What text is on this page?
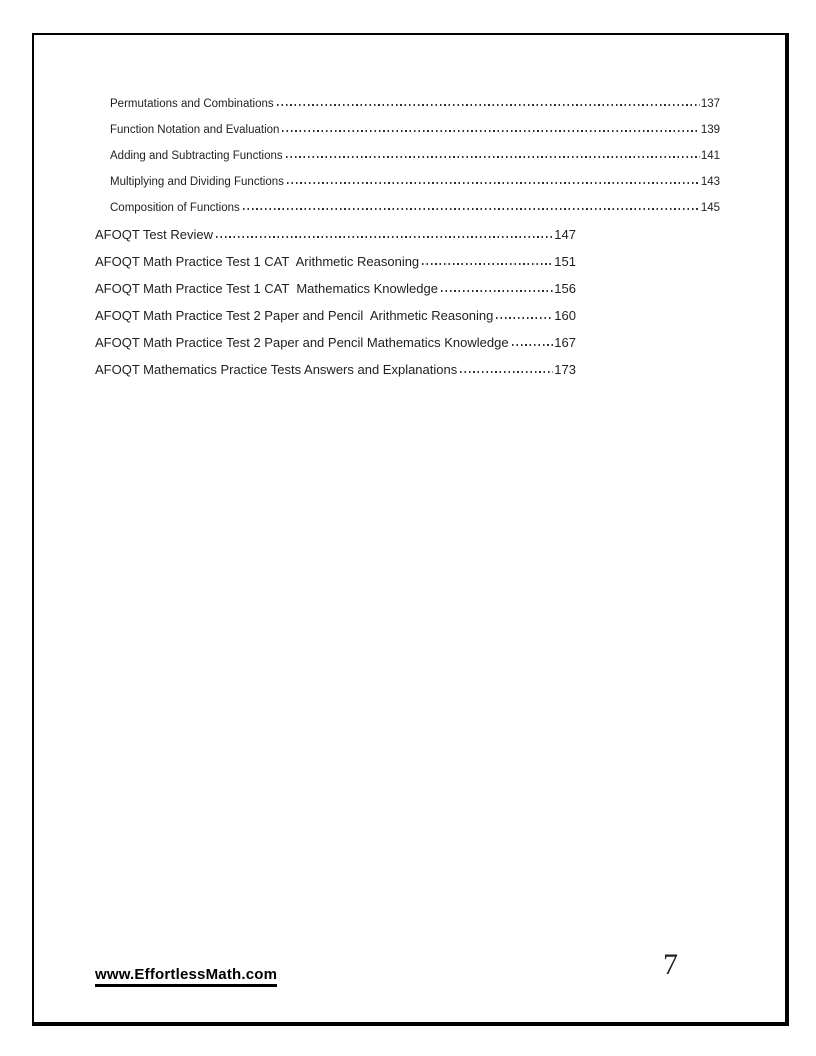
Permutations and Combinations	137
Function Notation and Evaluation	139
Adding and Subtracting Functions	141
Multiplying and Dividing Functions	143
Composition of Functions	145
AFOQT Test Review	147
AFOQT Math Practice Test 1 CAT  Arithmetic Reasoning	151
AFOQT Math Practice Test 1 CAT  Mathematics Knowledge	156
AFOQT Math Practice Test 2 Paper and Pencil  Arithmetic Reasoning	160
AFOQT Math Practice Test 2 Paper and Pencil Mathematics Knowledge	167
AFOQT Mathematics Practice Tests Answers and Explanations	173
www.EffortlessMath.com	7
